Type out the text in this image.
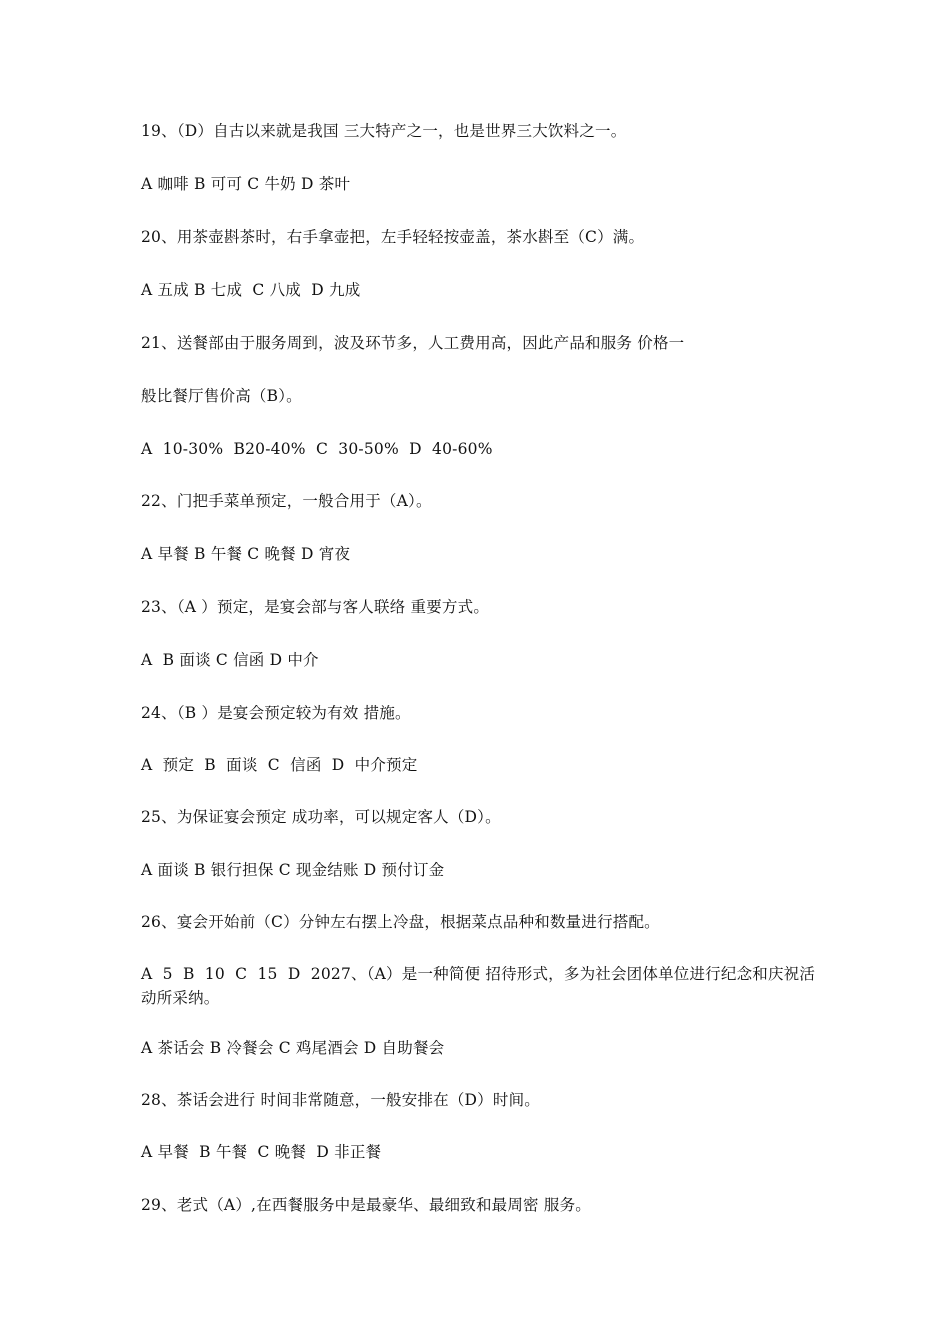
19、（D）自古以来就是我国 三大特产之一，也是世界三大饮料之一。
A 咖啡 B 可可 C 牛奶 D 茶叶
20、用茶壶斟茶时，右手拿壶把，左手轻轻按壶盖，茶水斟至（C）满。
A 五成 B 七成  C 八成  D 九成
21、送餐部由于服务周到，波及环节多，人工费用高，因此产品和服务 价格一
般比餐厅售价高（B）。
A  10-30%  B20-40%  C  30-50%  D  40-60%
22、门把手菜单预定，一般合用于（A）。
A 早餐 B 午餐 C 晚餐 D 宵夜
23、（A ）预定，是宴会部与客人联络 重要方式。
A  B 面谈 C 信函 D 中介
24、（B ）是宴会预定较为有效 措施。
A  预定  B  面谈  C  信函  D  中介预定
25、为保证宴会预定 成功率，可以规定客人（D）。
A 面谈 B 银行担保 C 现金结账 D 预付订金
26、宴会开始前（C）分钟左右摆上冷盘，根据菜点品种和数量进行搭配。
A  5  B  10  C  15  D  2027、（A）是一种简便 招待形式，多为社会团体单位进行纪念和庆祝活动所采纳。
A 茶话会 B 冷餐会 C 鸡尾酒会 D 自助餐会
28、茶话会进行 时间非常随意，一般安排在（D）时间。
A 早餐  B 午餐  C 晚餐  D 非正餐
29、老式（A）,在西餐服务中是最豪华、最细致和最周密 服务。
